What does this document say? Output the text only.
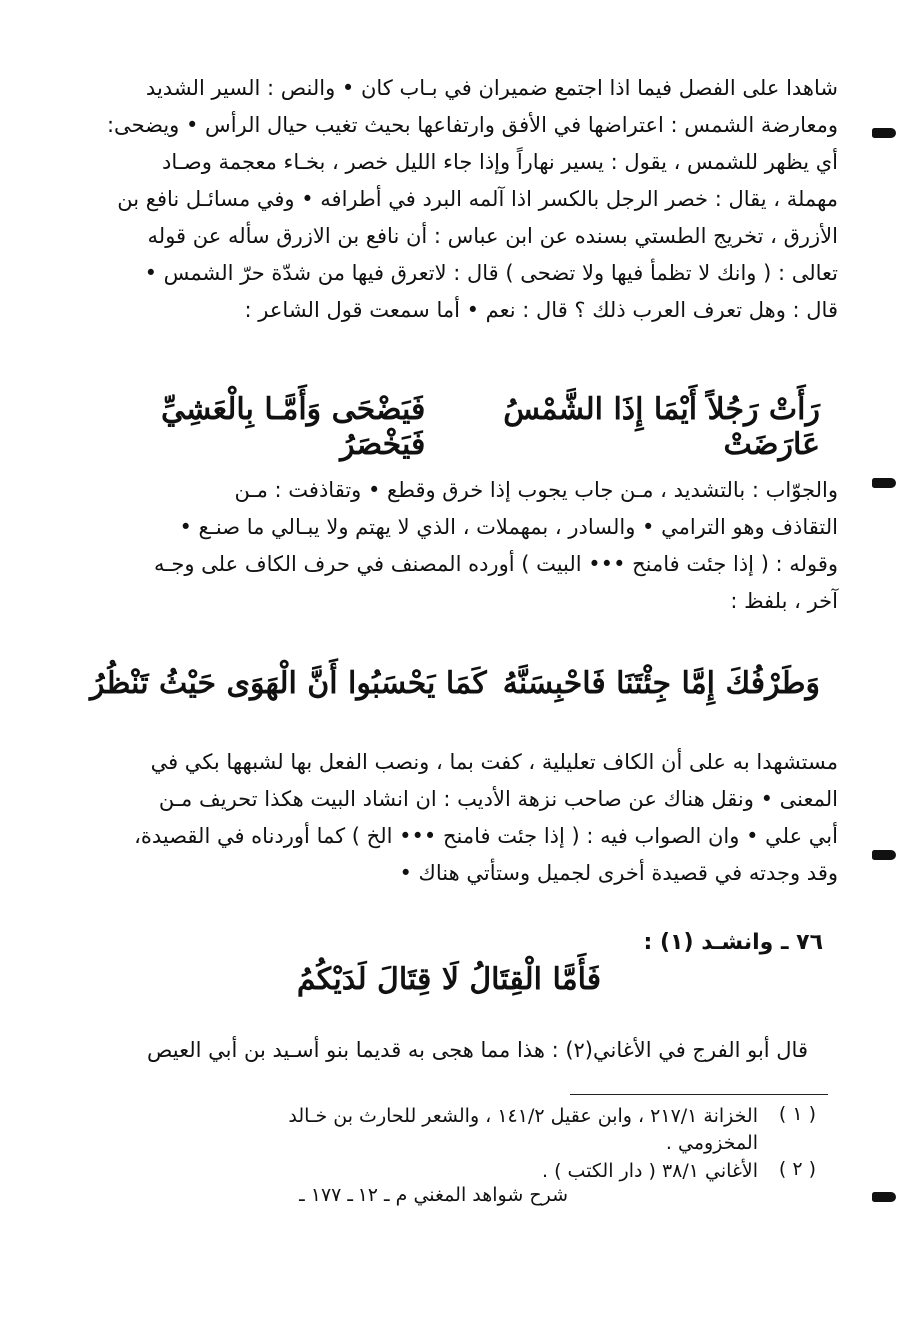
شاهدا على الفصل فيما اذا اجتمع ضميران في بـاب كان • والنص : السير الشديد
ومعارضة الشمس : اعتراضها في الأفق وارتفاعها بحيث تغيب حيال الرأس • ويضحى:
أي يظهر للشمس ، يقول : يسير نهاراً وإذا جاء الليل خصر ، بخـاء معجمة وصـاد
مهملة ، يقال : خصر الرجل بالكسر اذا آلمه البرد في أطرافه • وفي مسائـل نافع بن
الأزرق ، تخريج الطستي بسنده عن ابن عباس : أن نافع بن الازرق سأله عن قوله
تعالى : ( وانك لا تظمأ فيها ولا تضحى ) قال : لاتعرق فيها من شدّة حرّ الشمس •
قال : وهل تعرف العرب ذلك ؟ قال : نعم • أما سمعت قول الشاعر :
رَأَتْ رَجُلاً أَيْمَا إِذَا الشَّمْسُ عَارَضَتْ
فَيَضْحَى وَأَمَّـا بِالْعَشِيِّ فَيَخْصَرُ
والجوّاب : بالتشديد ، مـن جاب يجوب إذا خرق وقطع • وتقاذفت : مـن
التقاذف وهو الترامي • والسادر ، بمهملات ، الذي لا يهتم ولا يبـالي ما صنـع •
وقوله : ( إذا جئت فامنح ••• البيت ) أورده المصنف في حرف الكاف على وجـه
آخر ، بلفظ :
وَطَرْفُكَ إِمَّا جِئْتَنَا فَاحْبِسَنَّهُ
كَمَا يَحْسَبُوا أَنَّ الْهَوَى حَيْثُ تَنْظُرُ
مستشهدا به على أن الكاف تعليلية ، كفت بما ، ونصب الفعل بها لشبهها بكي في
المعنى • ونقل هناك عن صاحب نزهة الأديب : ان انشاد البيت هكذا تحريف مـن
أبي علي • وان الصواب فيه : ( إذا جئت فامنح ••• الخ ) كما أوردناه في القصيدة،
وقد وجدته في قصيدة أخرى لجميل وستأتي هناك •
٧٦ ـ وانشـد (١) :
فَأَمَّا الْقِتَالُ لَا قِتَالَ لَدَيْكُمُ
قال أبو الفرج في الأغاني(٢) : هذا مما هجى به قديما بنو أسـيد بن أبي العيص
( ١ )
الخزانة ٢١٧/١ ، وابن عقيل ١٤١/٢ ، والشعر للحارث بن خـالد
المخزومي .
( ٢ )
الأغاني ٣٨/١ ( دار الكتب ) .
شرح شواهد المغني م ـ ١٢
ـ ١٧٧ ـ
